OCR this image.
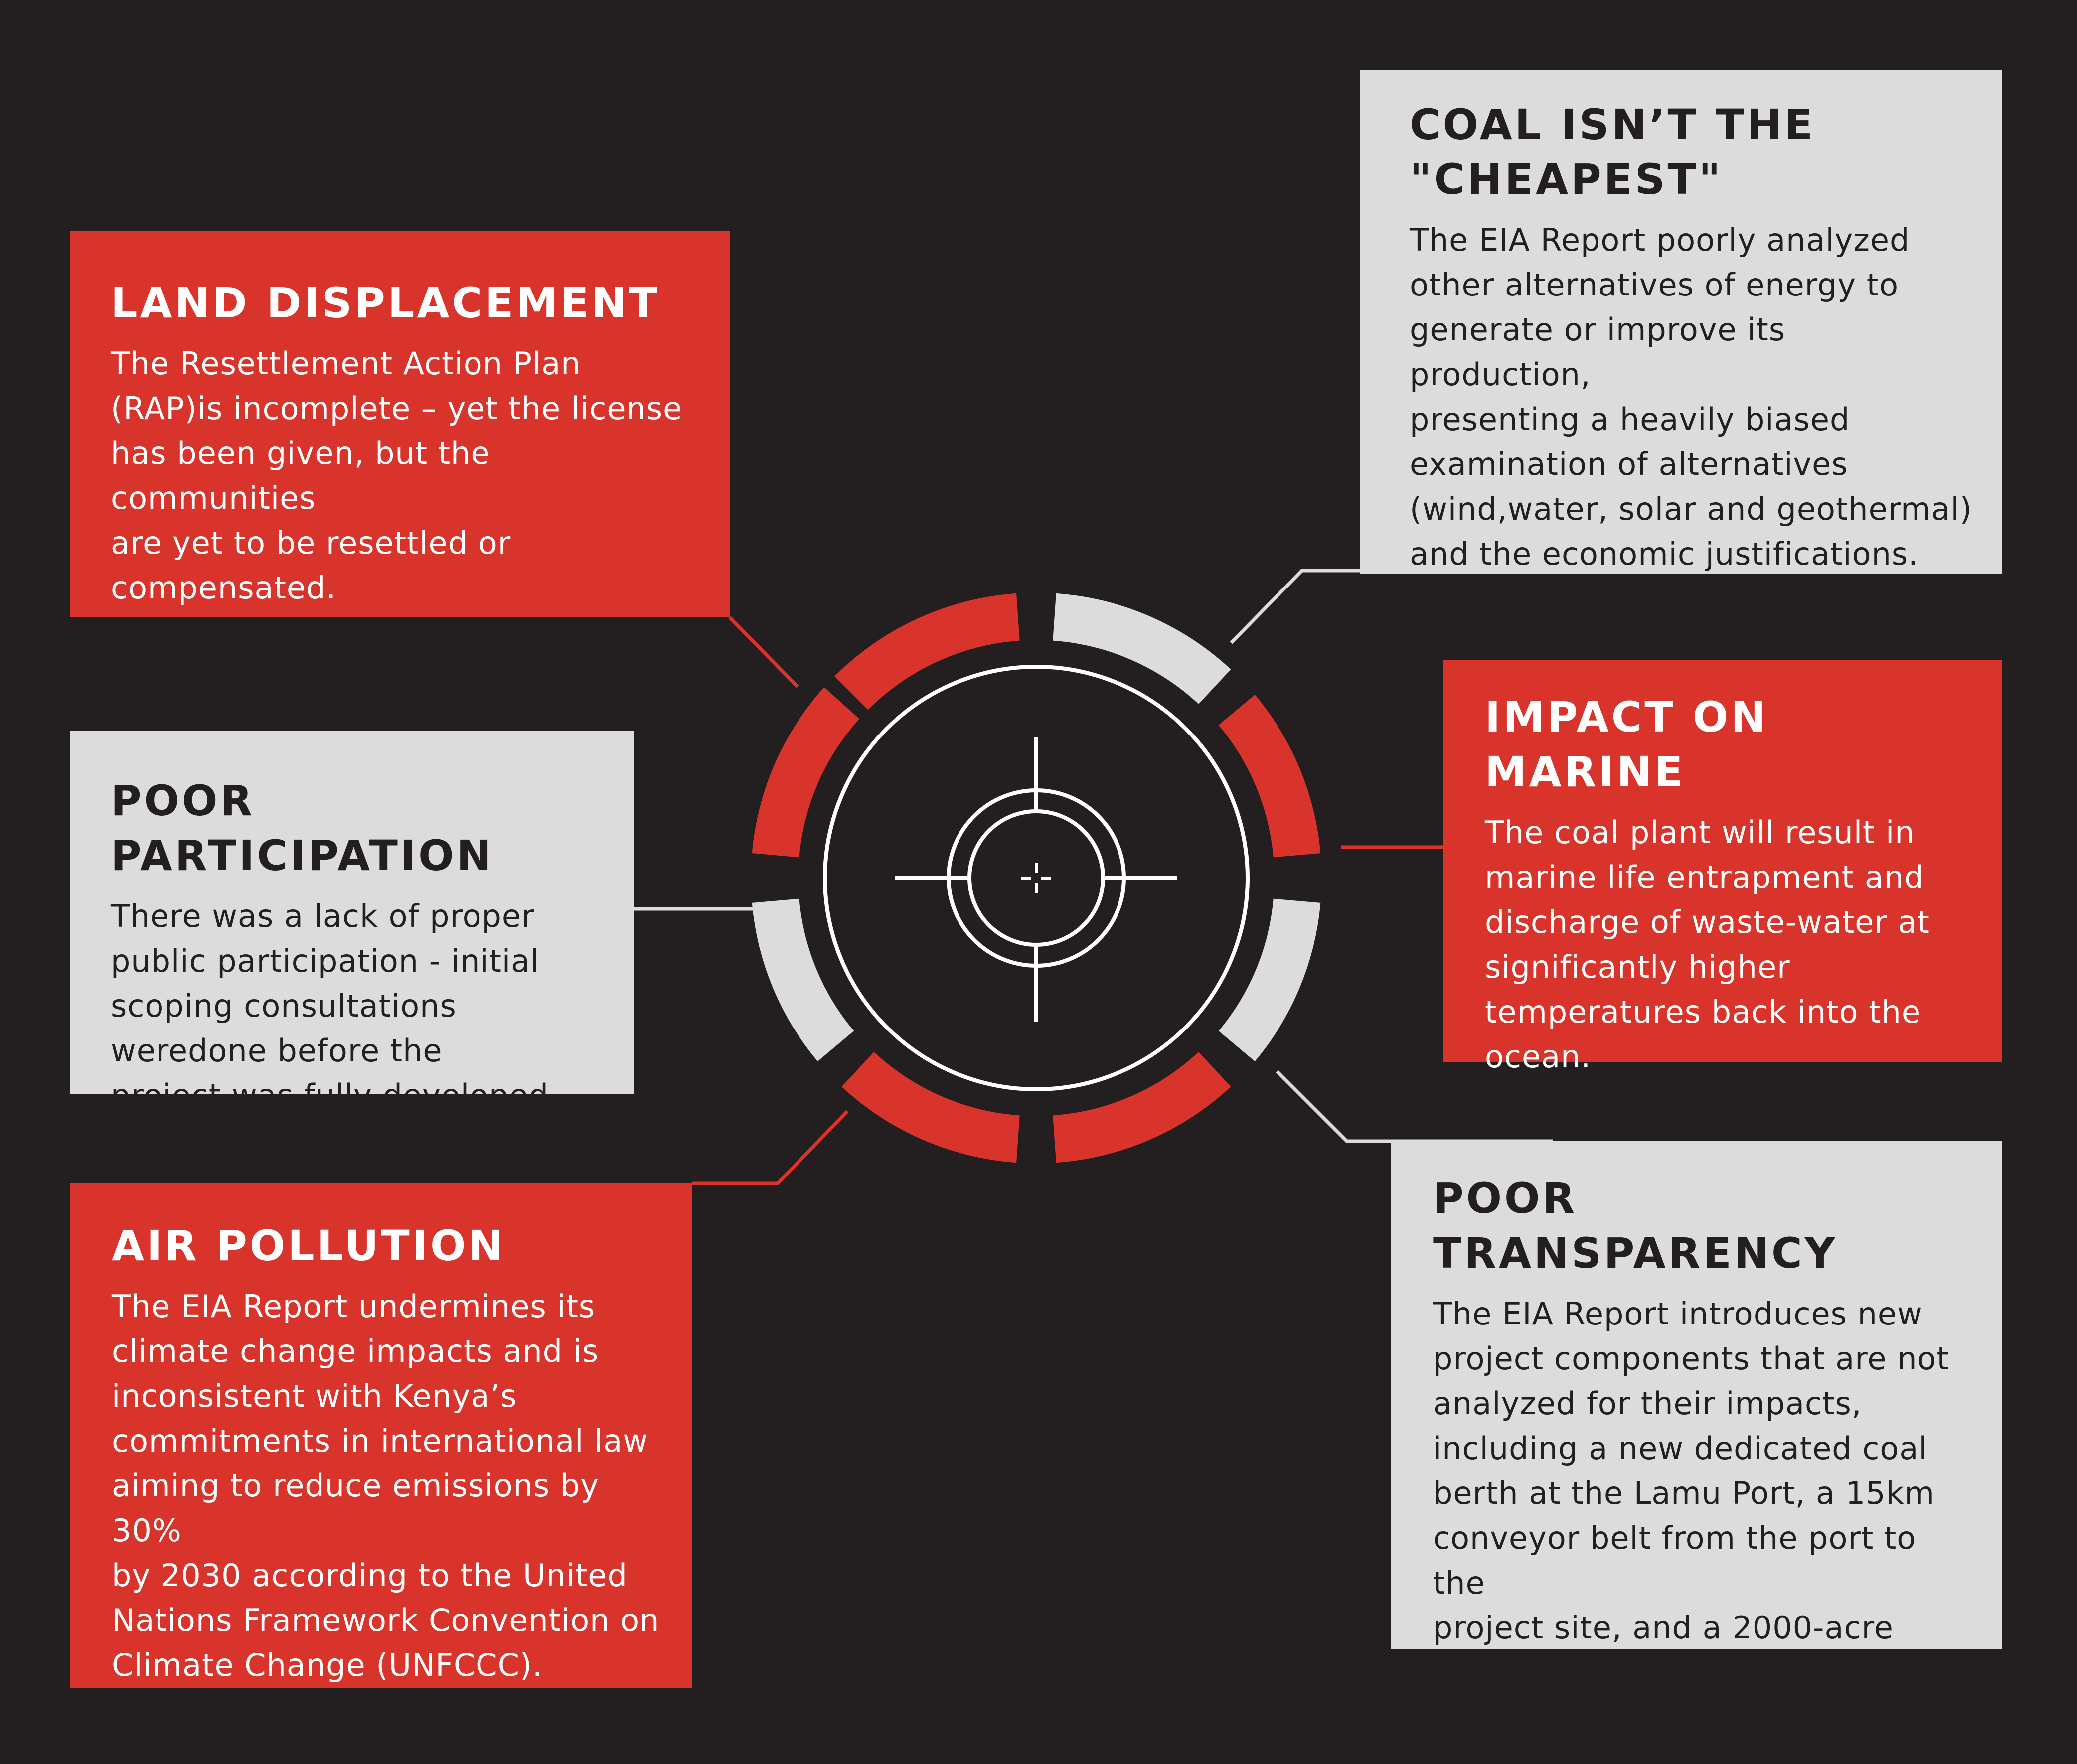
LAND DISPLACEMENT

The Resettlement Action Plan

(RAP)is incomplete – yet the license

has been given, but the communities

are yet to be resettled or

compensated.

POOR PARTICIPATION

There was a lack of proper

public participation - initial

scoping consultations

weredone before the

project was fully developed.

AIR POLLUTION

The EIA Report undermines its

climate change impacts and is

inconsistent with Kenya’s

commitments in international law

aiming to reduce emissions by 30%

by 2030 according to the United

Nations Framework Convention on

Climate Change (UNFCCC).

COAL ISN’T THE
"CHEAPEST"

The EIA Report poorly analyzed

other alternatives of energy to

generate or improve its production,

presenting a heavily biased

examination of alternatives

(wind,water, solar and geothermal)

and the economic justifications.

IMPACT ON MARINE

The coal plant will result in

marine life entrapment and

discharge of waste-water at

significantly higher

temperatures back into the

ocean.

POOR TRANSPARENCY

The EIA Report introduces new

project components that are not

analyzed for their impacts,

including a new dedicated coal

berth at the Lamu Port, a 15km

conveyor belt from the port to the

project site, and a 2000-acre

limestone concession.
